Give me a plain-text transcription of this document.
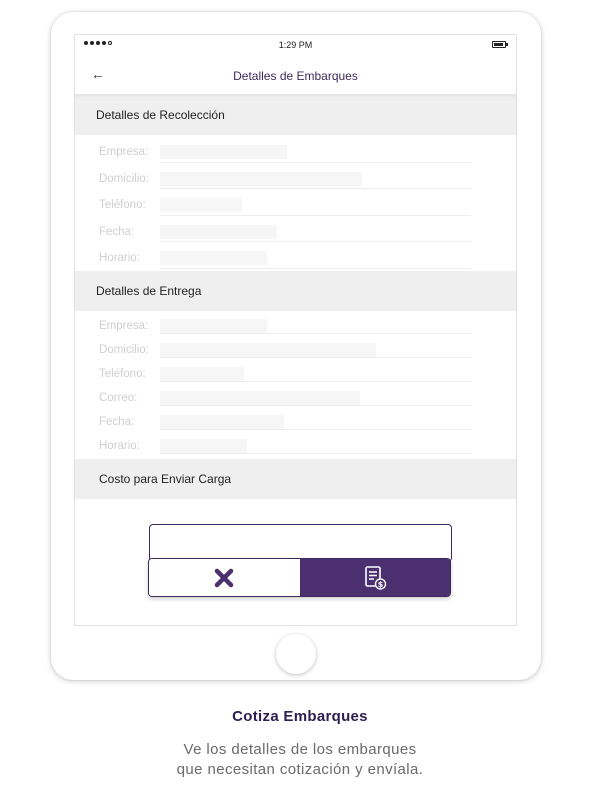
1:29 PM
←	Detalles de Embarques
Detalles de Recolección
Empresa:
Domicilio:
Teléfono:
Fecha:
Horario:
Detalles de Entrega
Empresa:
Domicilio:
Teléfono:
Correo:
Fecha:
Horario:
Costo para Enviar Carga
$
Cotiza Embarques
Ve los detalles de los embarques
que necesitan cotización y envíala.
